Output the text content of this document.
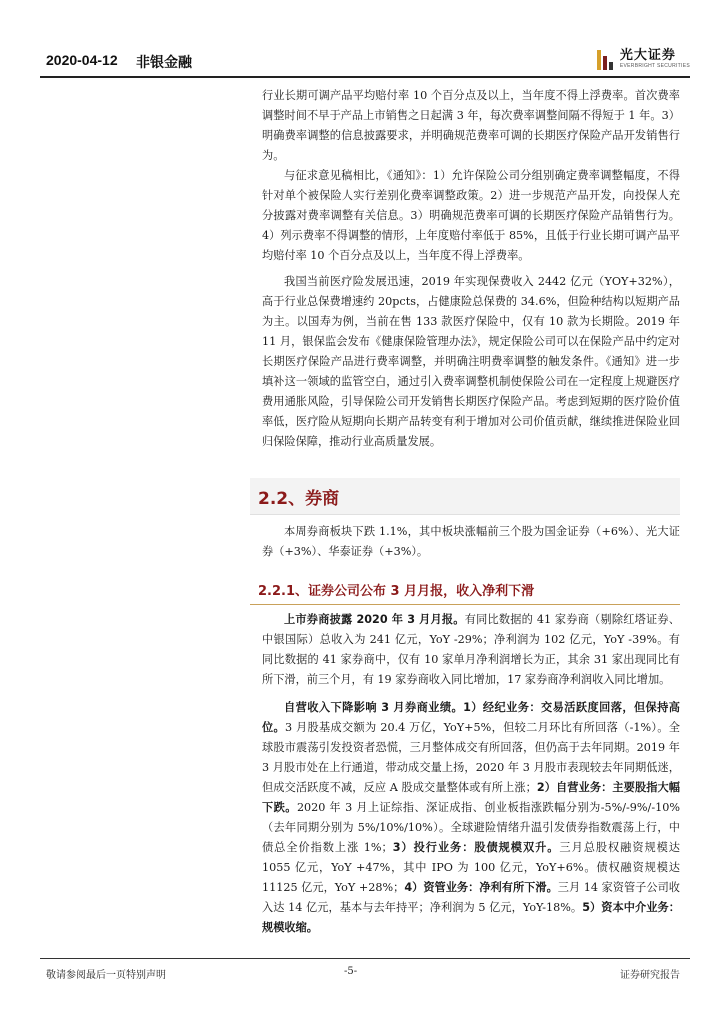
2020-04-12 非银金融	光大证券
EVERBRIGHT SECURITIES

行业长期可调产品平均赔付率 10 个百分点及以上，当年度不得上浮费率。首次费率调整时间不早于产品上市销售之日起满 3 年，每次费率调整间隔不得短于 1 年。3）明确费率调整的信息披露要求，并明确规范费率可调的长期医疗保险产品开发销售行为。

与征求意见稿相比，《通知》：1）允许保险公司分组别确定费率调整幅度，不得针对单个被保险人实行差别化费率调整政策。2）进一步规范产品开发，向投保人充分披露对费率调整有关信息。3）明确规范费率可调的长期医疗保险产品销售行为。4）列示费率不得调整的情形，上年度赔付率低于 85%，且低于行业长期可调产品平均赔付率 10 个百分点及以上，当年度不得上浮费率。

我国当前医疗险发展迅速，2019 年实现保费收入 2442 亿元（YOY+32%），高于行业总保费增速约 20pcts，占健康险总保费的 34.6%，但险种结构以短期产品为主。以国寿为例，当前在售 133 款医疗保险中，仅有 10 款为长期险。2019 年 11 月，银保监会发布《健康保险管理办法》，规定保险公司可以在保险产品中约定对长期医疗保险产品进行费率调整，并明确注明费率调整的触发条件。《通知》进一步填补这一领域的监管空白，通过引入费率调整机制使保险公司在一定程度上规避医疗费用通胀风险，引导保险公司开发销售长期医疗保险产品。考虑到短期的医疗险价值率低，医疗险从短期向长期产品转变有利于增加对公司价值贡献，继续推进保险业回归保险保障，推动行业高质量发展。

2.2、券商

本周券商板块下跌 1.1%，其中板块涨幅前三个股为国金证券（+6%）、光大证券（+3%）、华泰证券（+3%）。

2.2.1、证券公司公布 3 月月报，收入净利下滑

上市券商披露 2020 年 3 月月报。有同比数据的 41 家券商（剔除红塔证券、中银国际）总收入为 241 亿元，YoY -29%；净利润为 102 亿元，YoY -39%。有同比数据的 41 家券商中，仅有 10 家单月净利润增长为正，其余 31 家出现同比有所下滑，前三个月，有 19 家券商收入同比增加，17 家券商净利润收入同比增加。

自营收入下降影响 3 月券商业绩。1）经纪业务：交易活跃度回落，但保持高位。3 月股基成交额为 20.4 万亿，YoY+5%，但较二月环比有所回落（-1%）。全球股市震荡引发投资者恐慌，三月整体成交有所回落，但仍高于去年同期。2019 年 3 月股市处在上行通道，带动成交量上扬，2020 年 3 月股市表现较去年同期低迷，但成交活跃度不减，反应 A 股成交量整体或有所上涨；2）自营业务：主要股指大幅下跌。2020 年 3 月上证综指、深证成指、创业板指涨跌幅分别为-5%/-9%/-10%（去年同期分别为 5%/10%/10%）。全球避险情绪升温引发债券指数震荡上行，中债总全价指数上涨 1%；3）投行业务：股债规模双升。三月总股权融资规模达 1055 亿元，YoY +47%，其中 IPO 为 100 亿元，YoY+6%。债权融资规模达 11125 亿元，YoY +28%；4）资管业务：净利有所下滑。三月 14 家资管子公司收入达 14 亿元，基本与去年持平；净利润为 5 亿元，YoY-18%。5）资本中介业务：规模收缩。

敬请参阅最后一页特别声明	-5-	证券研究报告
